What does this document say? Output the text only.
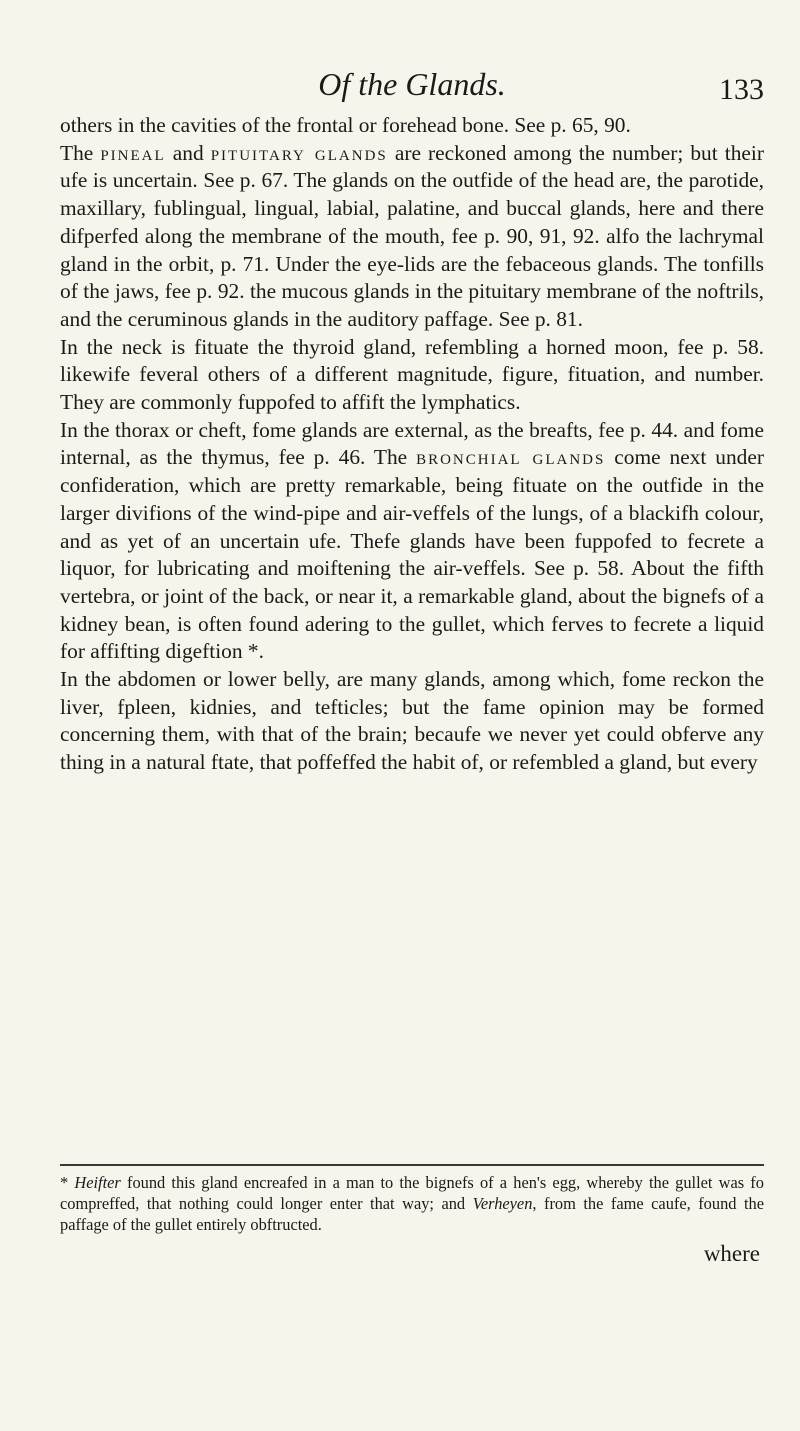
Of the Glands.	133

others in the cavities of the frontal or forehead bone. See p. 65, 90.

The pineal and pituitary glands are reckoned among the number; but their ufe is uncertain. See p. 67. The glands on the outfide of the head are, the parotide, maxillary, fublingual, lingual, labial, palatine, and buccal glands, here and there difperfed along the membrane of the mouth, fee p. 90, 91, 92. alfo the lachrymal gland in the orbit, p. 71. Under the eye-lids are the febaceous glands. The tonfills of the jaws, fee p. 92. the mucous glands in the pituitary membrane of the noftrils, and the ceruminous glands in the auditory paffage. See p. 81.

In the neck is fituate the thyroid gland, refembling a horned moon, fee p. 58. likewife feveral others of a different magnitude, figure, fituation, and number. They are commonly fuppofed to affift the lymphatics.

In the thorax or cheft, fome glands are external, as the breafts, fee p. 44. and fome internal, as the thymus, fee p. 46. The bronchial glands come next under confideration, which are pretty remarkable, being fituate on the outfide in the larger divifions of the wind-pipe and air-veffels of the lungs, of a blackifh colour, and as yet of an uncertain ufe. Thefe glands have been fuppofed to fecrete a liquor, for lubricating and moiftening the air-veffels. See p. 58. About the fifth vertebra, or joint of the back, or near it, a remarkable gland, about the bignefs of a kidney bean, is often found adering to the gullet, which ferves to fecrete a liquid for affifting digeftion *.

In the abdomen or lower belly, are many glands, among which, fome reckon the liver, fpleen, kidnies, and tefticles; but the fame opinion may be formed concerning them, with that of the brain; becaufe we never yet could obferve any thing in a natural ftate, that poffeffed the habit of, or refembled a gland, but every

* Heifter found this gland encreafed in a man to the bignefs of a hen's egg, whereby the gullet was fo compreffed, that nothing could longer enter that way; and Verheyen, from the fame caufe, found the paffage of the gullet entirely obftructed.
where
